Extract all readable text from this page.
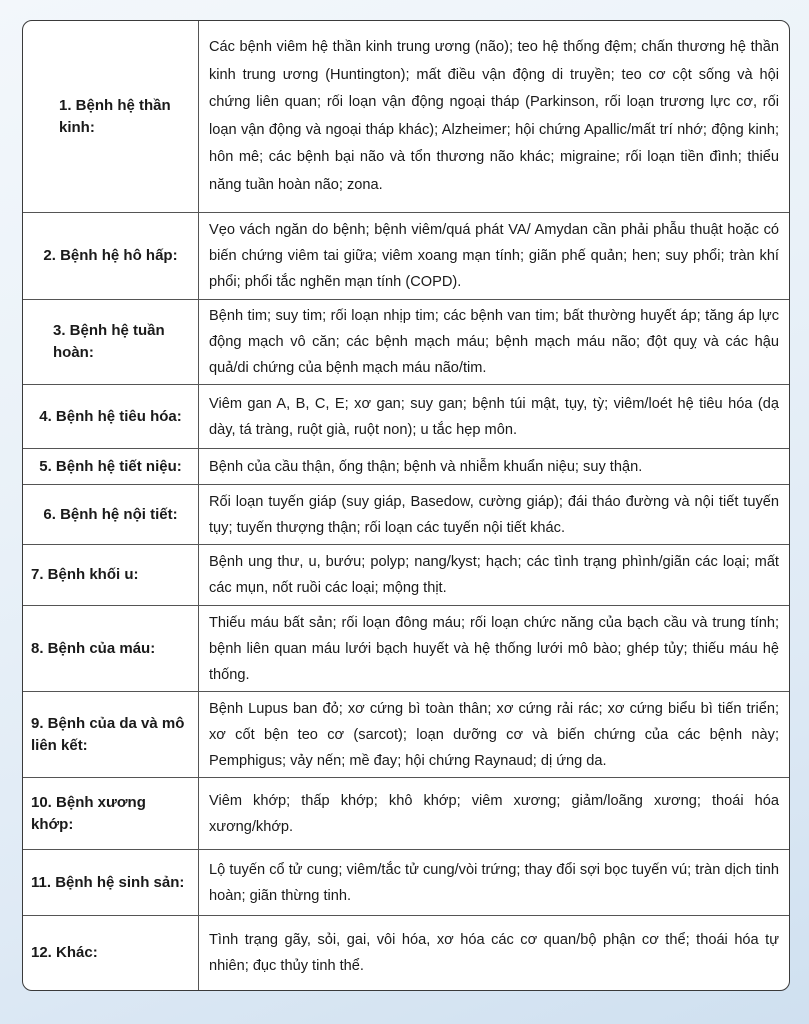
1. Bệnh hệ thần kinh:
Các bệnh viêm hệ thần kinh trung ương (não); teo hệ thống đệm; chấn thương hệ thần kinh trung ương (Huntington); mất điều vận động di truyền; teo cơ cột sống và hội chứng liên quan; rối loạn vận động ngoại tháp (Parkinson, rối loạn trương lực cơ, rối loạn vận động và ngoại tháp khác); Alzheimer; hội chứng Apallic/mất trí nhớ; động kinh; hôn mê; các bệnh bại não và tổn thương não khác; migraine; rối loạn tiền đình; thiểu năng tuần hoàn não; zona.
2. Bệnh hệ hô hấp:
Vẹo vách ngăn do bệnh; bệnh viêm/quá phát VA/ Amydan cần phải phẫu thuật hoặc có biến chứng viêm tai giữa; viêm xoang mạn tính; giãn phế quản; hen; suy phổi; tràn khí phổi; phổi tắc nghẽn mạn tính (COPD).
3. Bệnh hệ tuần hoàn:
Bệnh tim; suy tim; rối loạn nhịp tim; các bệnh van tim; bất thường huyết áp; tăng áp lực động mạch vô căn; các bệnh mạch máu; bệnh mạch máu não; đột quỵ và các hậu quả/di chứng của bệnh mạch máu não/tim.
4. Bệnh hệ tiêu hóa:
Viêm gan A, B, C, E; xơ gan; suy gan; bệnh túi mật, tụy, tỳ; viêm/loét hệ tiêu hóa (dạ dày, tá tràng, ruột già, ruột non); u tắc hẹp môn.
5. Bệnh hệ tiết niệu:	Bệnh của cầu thận, ống thận; bệnh và nhiễm khuẩn niệu; suy thận.
6. Bệnh hệ nội tiết:
Rối loạn tuyến giáp (suy giáp, Basedow, cường giáp); đái tháo đường và nội tiết tuyến tụy; tuyến thượng thận; rối loạn các tuyến nội tiết khác.
7. Bệnh khối u:
Bệnh ung thư, u, bướu; polyp; nang/kyst; hạch; các tình trạng phình/giãn các loại; mất các mụn, nốt ruồi các loại; mộng thịt.
8. Bệnh của máu:
Thiếu máu bất sản; rối loạn đông máu; rối loạn chức năng của bạch cầu và trung tính; bệnh liên quan máu lưới bạch huyết và hệ thống lưới mô bào; ghép tủy; thiếu máu hệ thống.
9. Bệnh của da và mô liên kết:
Bệnh Lupus ban đỏ; xơ cứng bì toàn thân; xơ cứng rải rác; xơ cứng biểu bì tiến triển; xơ cốt bện teo cơ (sarcot); loạn dưỡng cơ và biến chứng của các bệnh này; Pemphigus; vảy nến; mề đay; hội chứng Raynaud; dị ứng da.
10. Bệnh xương khớp:
Viêm khớp; thấp khớp; khô khớp; viêm xương; giảm/loãng xương; thoái hóa xương/khớp.
11. Bệnh hệ sinh sản:
Lộ tuyến cổ tử cung; viêm/tắc tử cung/vòi trứng; thay đổi sợi bọc tuyến vú; tràn dịch tinh hoàn; giãn thừng tinh.
12. Khác:
Tình trạng gãy, sỏi, gai, vôi hóa, xơ hóa các cơ quan/bộ phận cơ thể; thoái hóa tự nhiên; đục thủy tinh thể.
